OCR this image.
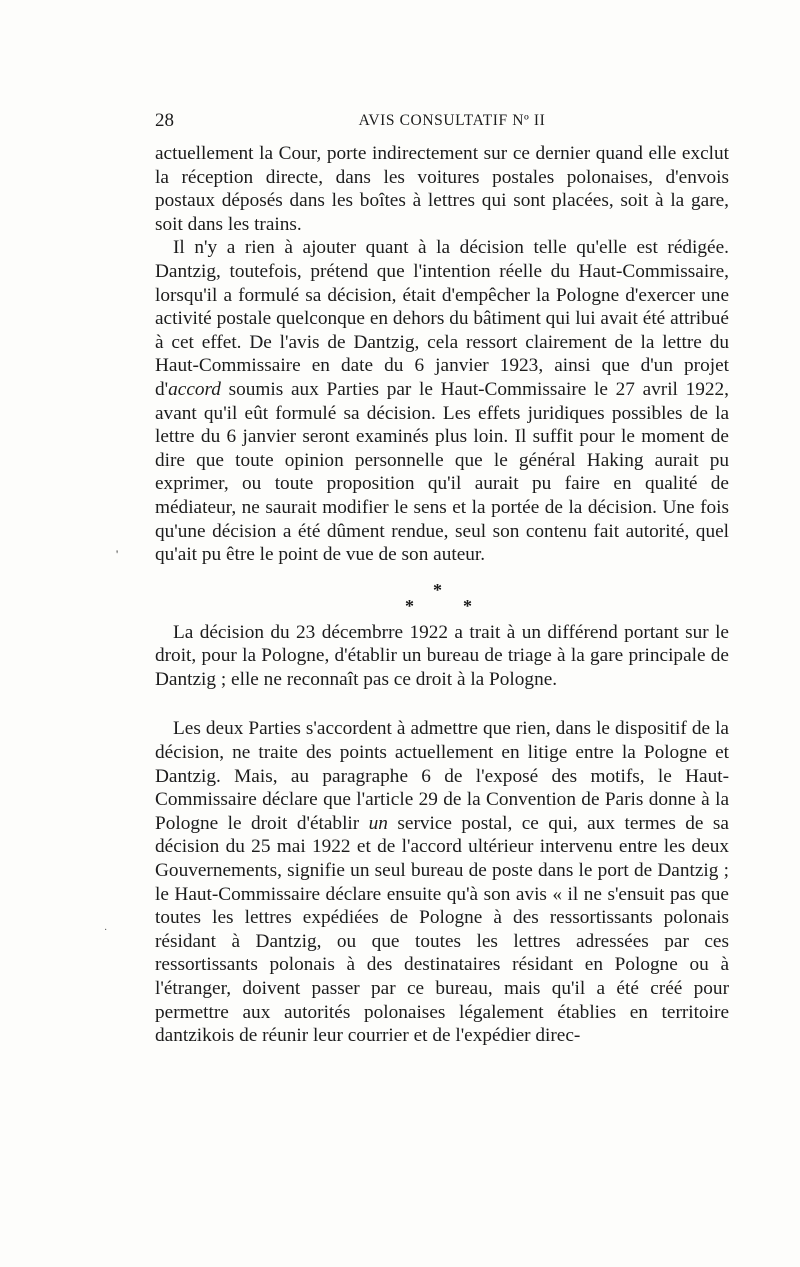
28	AVIS CONSULTATIF Nº II

actuellement la Cour, porte indirectement sur ce dernier quand elle exclut la réception directe, dans les voitures postales polonaises, d'envois postaux déposés dans les boîtes à lettres qui sont placées, soit à la gare, soit dans les trains.

Il n'y a rien à ajouter quant à la décision telle qu'elle est rédigée. Dantzig, toutefois, prétend que l'intention réelle du Haut-Commissaire, lorsqu'il a formulé sa décision, était d'empêcher la Pologne d'exercer une activité postale quelconque en dehors du bâtiment qui lui avait été attribué à cet effet. De l'avis de Dantzig, cela ressort clairement de la lettre du Haut-Commissaire en date du 6 janvier 1923, ainsi que d'un projet d'accord soumis aux Parties par le Haut-Commissaire le 27 avril 1922, avant qu'il eût formulé sa décision. Les effets juridiques possibles de la lettre du 6 janvier seront examinés plus loin. Il suffit pour le moment de dire que toute opinion personnelle que le général Haking aurait pu exprimer, ou toute proposition qu'il aurait pu faire en qualité de médiateur, ne saurait modifier le sens et la portée de la décision. Une fois qu'une décision a été dûment rendue, seul son contenu fait autorité, quel qu'ait pu être le point de vue de son auteur.

*
*	*

La décision du 23 décembrre 1922 a trait à un différend portant sur le droit, pour la Pologne, d'établir un bureau de triage à la gare principale de Dantzig ; elle ne reconnaît pas ce droit à la Pologne.

Les deux Parties s'accordent à admettre que rien, dans le dispositif de la décision, ne traite des points actuellement en litige entre la Pologne et Dantzig. Mais, au paragraphe 6 de l'exposé des motifs, le Haut-Commissaire déclare que l'article 29 de la Convention de Paris donne à la Pologne le droit d'établir un service postal, ce qui, aux termes de sa décision du 25 mai 1922 et de l'accord ultérieur intervenu entre les deux Gouvernements, signifie un seul bureau de poste dans le port de Dantzig ; le Haut-Commissaire déclare ensuite qu'à son avis « il ne s'ensuit pas que toutes les lettres expédiées de Pologne à des ressortissants polonais résidant à Dantzig, ou que toutes les lettres adressées par ces ressortissants polonais à des destinataires résidant en Pologne ou à l'étranger, doivent passer par ce bureau, mais qu'il a été créé pour permettre aux autorités polonaises légalement établies en territoire dantzikois de réunir leur courrier et de l'expédier direc-

'
·
